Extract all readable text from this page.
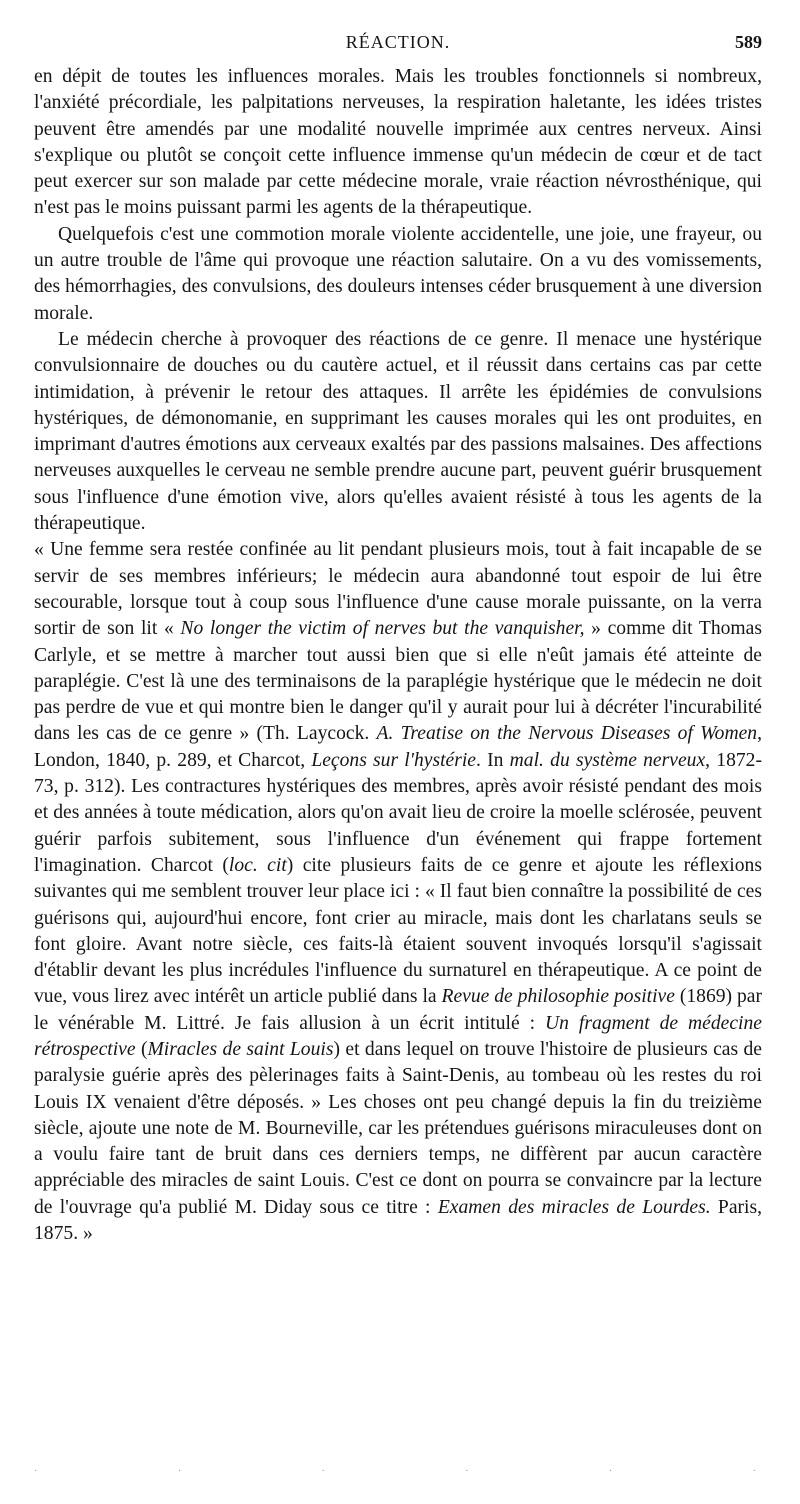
RÉACTION.	589

en dépit de toutes les influences morales. Mais les troubles fonctionnels si nombreux, l'anxiété précordiale, les palpitations nerveuses, la respiration haletante, les idées tristes peuvent être amendés par une modalité nouvelle imprimée aux centres nerveux. Ainsi s'explique ou plutôt se conçoit cette influence immense qu'un médecin de cœur et de tact peut exercer sur son malade par cette médecine morale, vraie réaction névrosthénique, qui n'est pas le moins puissant parmi les agents de la thérapeutique.

Quelquefois c'est une commotion morale violente accidentelle, une joie, une frayeur, ou un autre trouble de l'âme qui provoque une réaction salutaire. On a vu des vomissements, des hémorrhagies, des convulsions, des douleurs intenses céder brusquement à une diversion morale.

Le médecin cherche à provoquer des réactions de ce genre. Il menace une hystérique convulsionnaire de douches ou du cautère actuel, et il réussit dans certains cas par cette intimidation, à prévenir le retour des attaques. Il arrête les épidémies de convulsions hystériques, de démonomanie, en supprimant les causes morales qui les ont produites, en imprimant d'autres émotions aux cerveaux exaltés par des passions malsaines. Des affections nerveuses auxquelles le cerveau ne semble prendre aucune part, peuvent guérir brusquement sous l'influence d'une émotion vive, alors qu'elles avaient résisté à tous les agents de la thérapeutique.

« Une femme sera restée confinée au lit pendant plusieurs mois, tout à fait incapable de se servir de ses membres inférieurs; le médecin aura abandonné tout espoir de lui être secourable, lorsque tout à coup sous l'influence d'une cause morale puissante, on la verra sortir de son lit « No longer the victim of nerves but the vanquisher, » comme dit Thomas Carlyle, et se mettre à marcher tout aussi bien que si elle n'eût jamais été atteinte de paraplégie. C'est là une des terminaisons de la paraplégie hystérique que le médecin ne doit pas perdre de vue et qui montre bien le danger qu'il y aurait pour lui à décréter l'incurabilité dans les cas de ce genre » (Th. Laycock. A. Treatise on the Nervous Diseases of Women, London, 1840, p. 289, et Charcot, Leçons sur l'hystérie. In mal. du système nerveux, 1872-73, p. 312). Les contractures hystériques des membres, après avoir résisté pendant des mois et des années à toute médication, alors qu'on avait lieu de croire la moelle sclérosée, peuvent guérir parfois subitement, sous l'influence d'un événement qui frappe fortement l'imagination. Charcot (loc. cit) cite plusieurs faits de ce genre et ajoute les réflexions suivantes qui me semblent trouver leur place ici : « Il faut bien connaître la possibilité de ces guérisons qui, aujourd'hui encore, font crier au miracle, mais dont les charlatans seuls se font gloire. Avant notre siècle, ces faits-là étaient souvent invoqués lorsqu'il s'agissait d'établir devant les plus incrédules l'influence du surnaturel en thérapeutique. A ce point de vue, vous lirez avec intérêt un article publié dans la Revue de philosophie positive (1869) par le vénérable M. Littré. Je fais allusion à un écrit intitulé : Un fragment de médecine rétrospective (Miracles de saint Louis) et dans lequel on trouve l'histoire de plusieurs cas de paralysie guérie après des pèlerinages faits à Saint-Denis, au tombeau où les restes du roi Louis IX venaient d'être déposés. » Les choses ont peu changé depuis la fin du treizième siècle, ajoute une note de M. Bourneville, car les prétendues guérisons miraculeuses dont on a voulu faire tant de bruit dans ces derniers temps, ne diffèrent par aucun caractère appréciable des miracles de saint Louis. C'est ce dont on pourra se convaincre par la lecture de l'ouvrage qu'a publié M. Diday sous ce titre : Examen des miracles de Lourdes. Paris, 1875. »

·	·	·	·	·	·
